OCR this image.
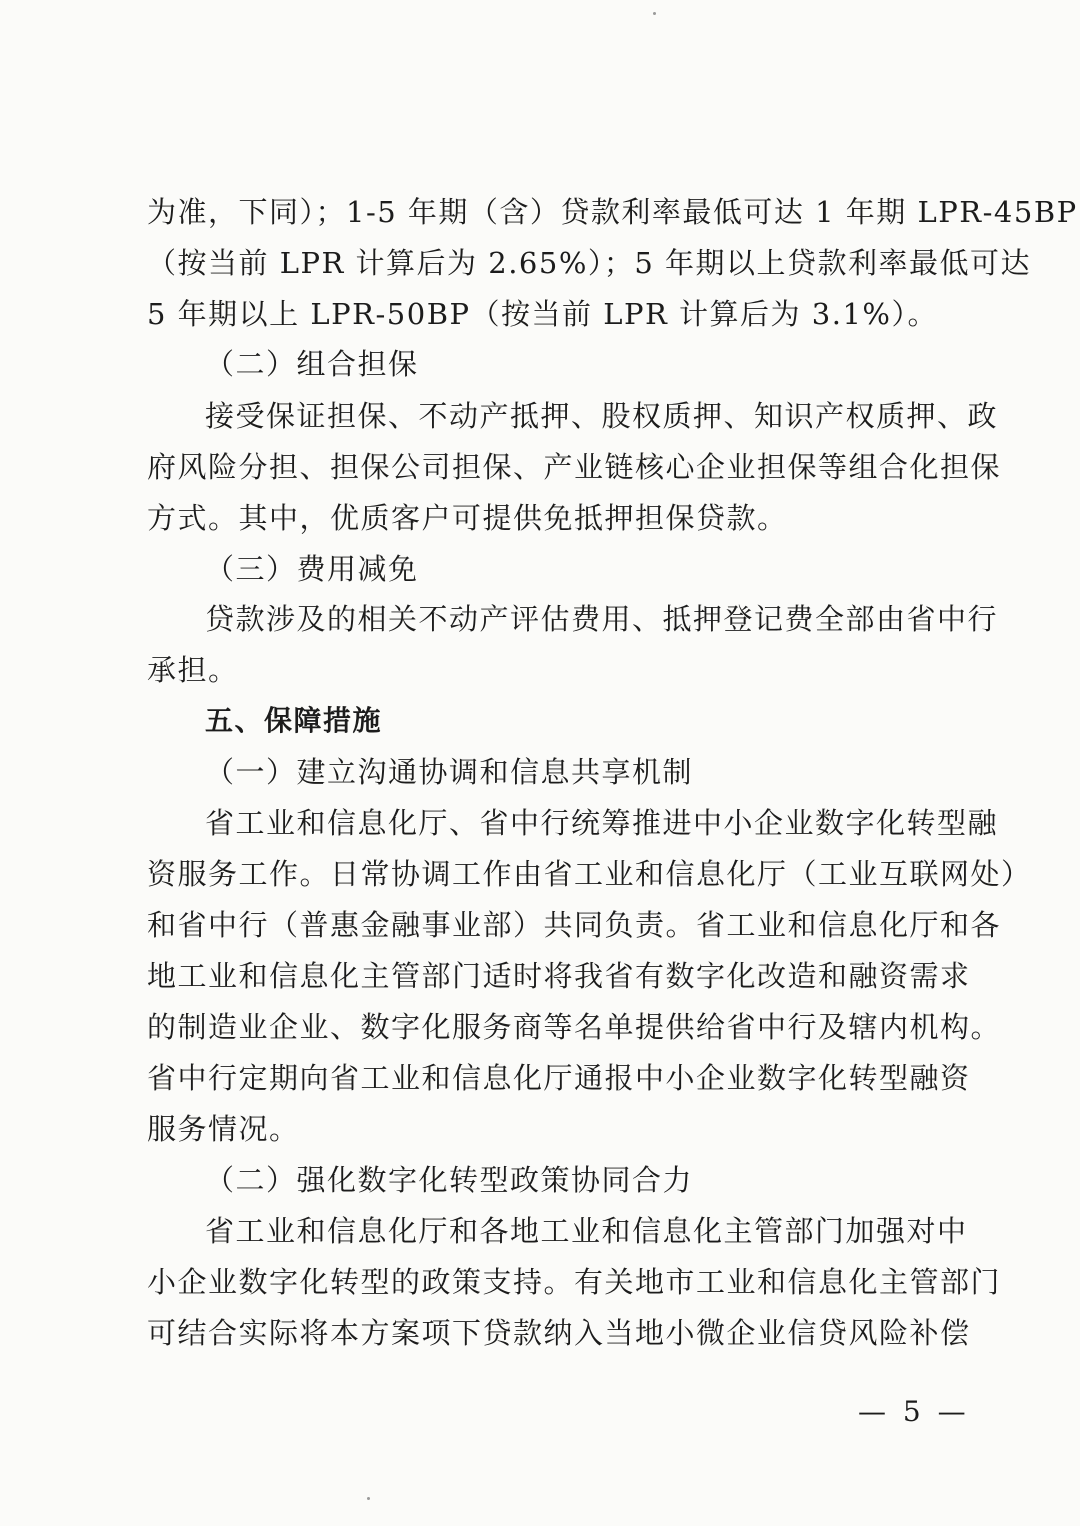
为准，下同）；1-5 年期（含）贷款利率最低可达 1 年期 LPR-45BP
（按当前 LPR 计算后为 2.65%）；5 年期以上贷款利率最低可达
5 年期以上 LPR-50BP（按当前 LPR 计算后为 3.1%）。
（二）组合担保
接受保证担保、不动产抵押、股权质押、知识产权质押、政
府风险分担、担保公司担保、产业链核心企业担保等组合化担保
方式。其中，优质客户可提供免抵押担保贷款。
（三）费用减免
贷款涉及的相关不动产评估费用、抵押登记费全部由省中行
承担。
五、保障措施
（一）建立沟通协调和信息共享机制
省工业和信息化厅、省中行统筹推进中小企业数字化转型融
资服务工作。日常协调工作由省工业和信息化厅（工业互联网处）
和省中行（普惠金融事业部）共同负责。省工业和信息化厅和各
地工业和信息化主管部门适时将我省有数字化改造和融资需求
的制造业企业、数字化服务商等名单提供给省中行及辖内机构。
省中行定期向省工业和信息化厅通报中小企业数字化转型融资
服务情况。
（二）强化数字化转型政策协同合力
省工业和信息化厅和各地工业和信息化主管部门加强对中
小企业数字化转型的政策支持。有关地市工业和信息化主管部门
可结合实际将本方案项下贷款纳入当地小微企业信贷风险补偿
— 5 —
